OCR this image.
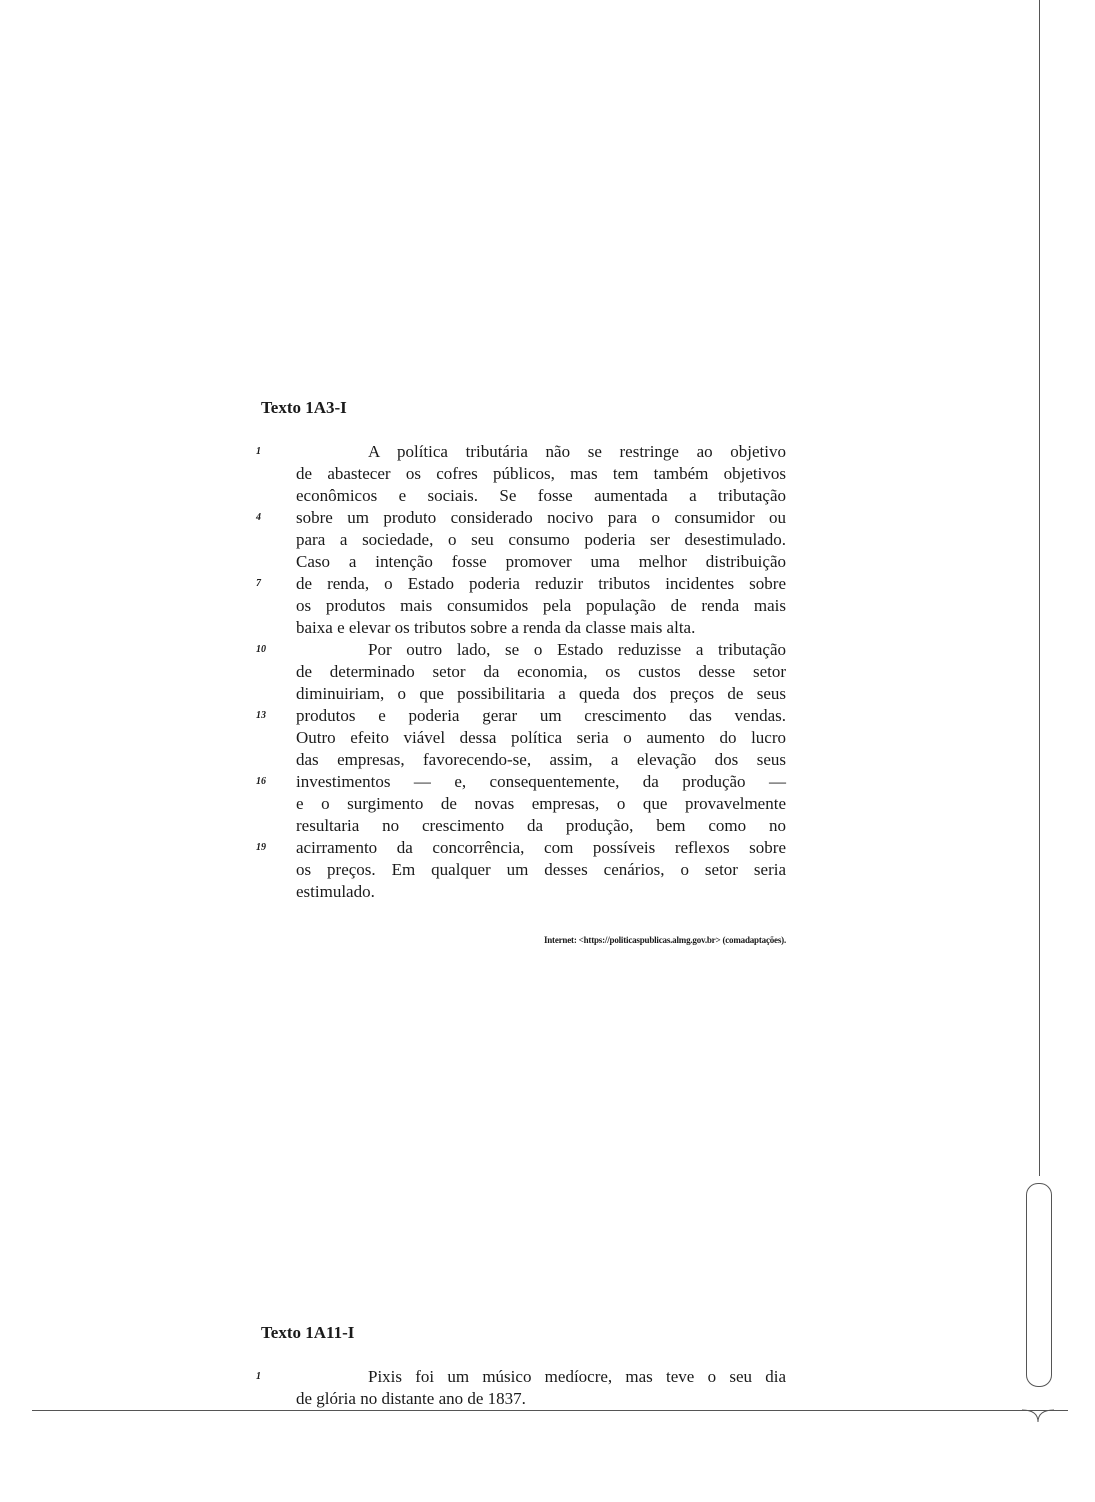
Texto 1A3-I
1	A política tributária não se restringe ao objetivo
de abastecer os cofres públicos, mas tem também objetivos
econômicos e sociais. Se fosse aumentada a tributação
4	sobre um produto considerado nocivo para o consumidor ou
para a sociedade, o seu consumo poderia ser desestimulado.
Caso a intenção fosse promover uma melhor distribuição
7	de renda, o Estado poderia reduzir tributos incidentes sobre
os produtos mais consumidos pela população de renda mais
baixa e elevar os tributos sobre a renda da classe mais alta.
10	Por outro lado, se o Estado reduzisse a tributação
de determinado setor da economia, os custos desse setor
diminuiriam, o que possibilitaria a queda dos preços de seus
13	produtos e poderia gerar um crescimento das vendas.
Outro efeito viável dessa política seria o aumento do lucro
das empresas, favorecendo-se, assim, a elevação dos seus
16	investimentos — e, consequentemente, da produção —
e o surgimento de novas empresas, o que provavelmente
resultaria no crescimento da produção, bem como no
19	acirramento da concorrência, com possíveis reflexos sobre
os preços. Em qualquer um desses cenários, o setor seria
estimulado.
Internet: <https://politicaspublicas.almg.gov.br> (comadaptações).
Texto 1A11-I
1	Pixis foi um músico medíocre, mas teve o seu dia
de glória no distante ano de 1837.
